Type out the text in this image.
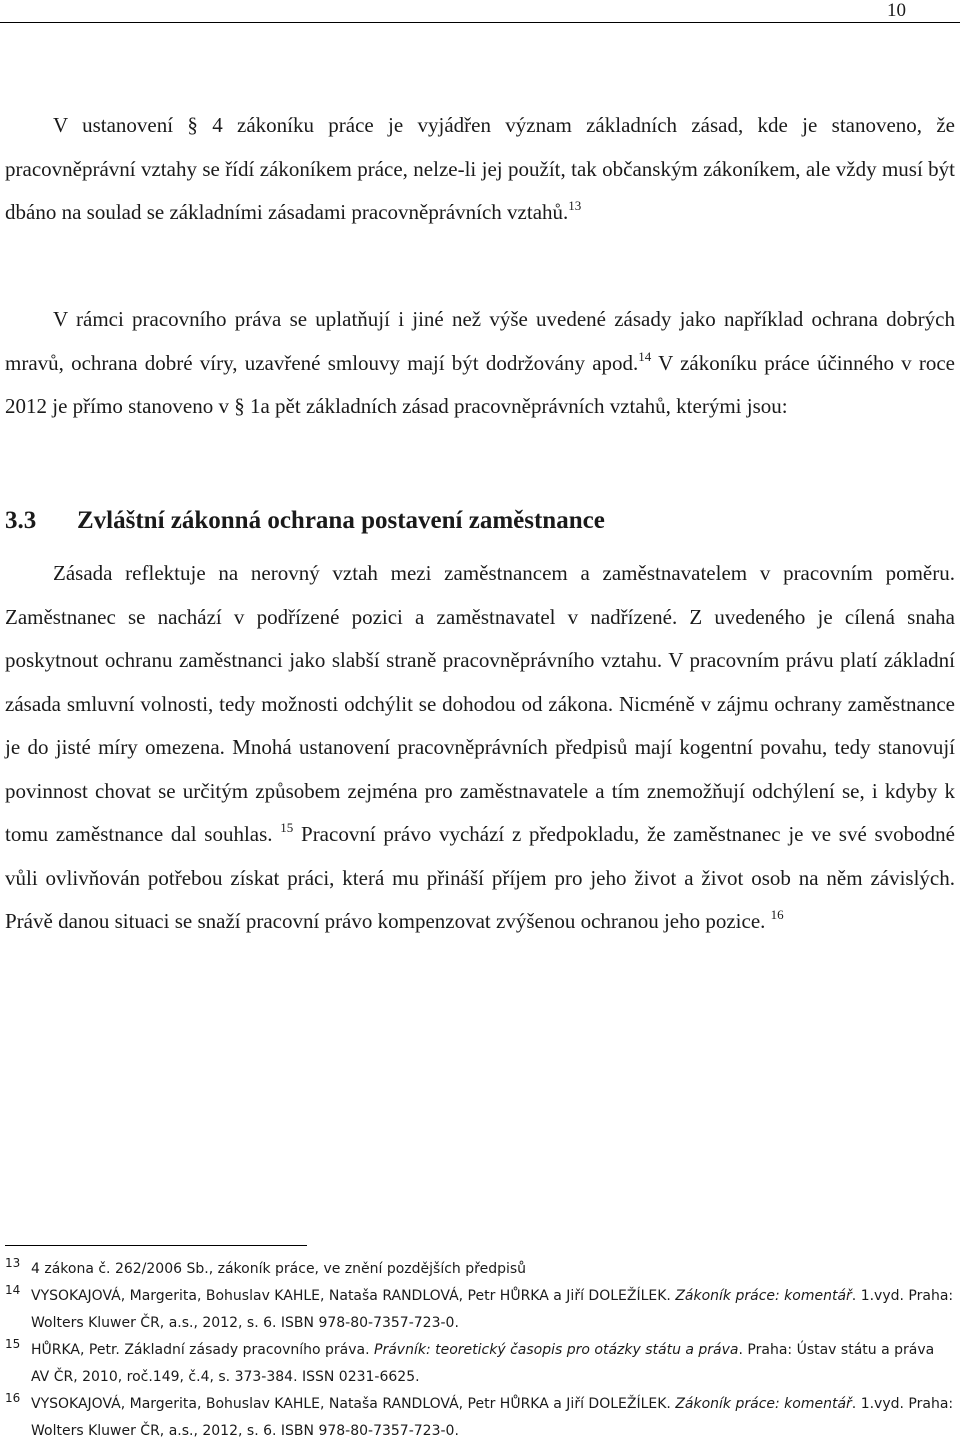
10

V ustanovení § 4 zákoníku práce je vyjádřen význam základních zásad, kde je stanoveno, že pracovněprávní vztahy se řídí zákoníkem práce, nelze-li jej použít, tak občanským zákoníkem, ale vždy musí být dbáno na soulad se základními zásadami pracovněprávních vztahů.$^{13}$

V rámci pracovního práva se uplatňují i jiné než výše uvedené zásady jako například ochrana dobrých mravů, ochrana dobré víry, uzavřené smlouvy mají být dodržovány apod.$^{14}$ V zákoníku práce účinného v roce 2012 je přímo stanoveno v § 1a pět základních zásad pracovněprávních vztahů, kterými jsou:

3.3 Zvláštní zákonná ochrana postavení zaměstnance

Zásada reflektuje na nerovný vztah mezi zaměstnancem a zaměstnavatelem v pracovním poměru. Zaměstnanec se nachází v podřízené pozici a zaměstnavatel v nadřízené. Z uvedeného je cílená snaha poskytnout ochranu zaměstnanci jako slabší straně pracovněprávního vztahu. V pracovním právu platí základní zásada smluvní volnosti, tedy možnosti odchýlit se dohodou od zákona. Nicméně v zájmu ochrany zaměstnance je do jisté míry omezena. Mnohá ustanovení pracovněprávních předpisů mají kogentní povahu, tedy stanovují povinnost chovat se určitým způsobem zejména pro zaměstnavatele a tím znemožňují odchýlení se, i kdyby k tomu zaměstnance dal souhlas. $^{15}$ Pracovní právo vychází z předpokladu, že zaměstnanec je ve své svobodné vůli ovlivňován potřebou získat práci, která mu přináší příjem pro jeho život a život osob na něm závislých. Právě danou situaci se snaží pracovní právo kompenzovat zvýšenou ochranou jeho pozice. $^{16}$

13 4 zákona č. 262/2006 Sb., zákoník práce, ve znění pozdějších předpisů
14 VYSOKAJOVÁ, Margerita, Bohuslav KAHLE, Nataša RANDLOVÁ, Petr HŮRKA a Jiří DOLEŽÍLEK. Zákoník práce: komentář. 1.vyd. Praha: Wolters Kluwer ČR, a.s., 2012, s. 6. ISBN 978-80-7357-723-0.
15 HŮRKA, Petr. Základní zásady pracovního práva. Právník: teoretický časopis pro otázky státu a práva. Praha: Ústav státu a práva AV ČR, 2010, roč.149, č.4, s. 373-384. ISSN 0231-6625.
16 VYSOKAJOVÁ, Margerita, Bohuslav KAHLE, Nataša RANDLOVÁ, Petr HŮRKA a Jiří DOLEŽÍLEK. Zákoník práce: komentář. 1.vyd. Praha: Wolters Kluwer ČR, a.s., 2012, s. 6. ISBN 978-80-7357-723-0.
